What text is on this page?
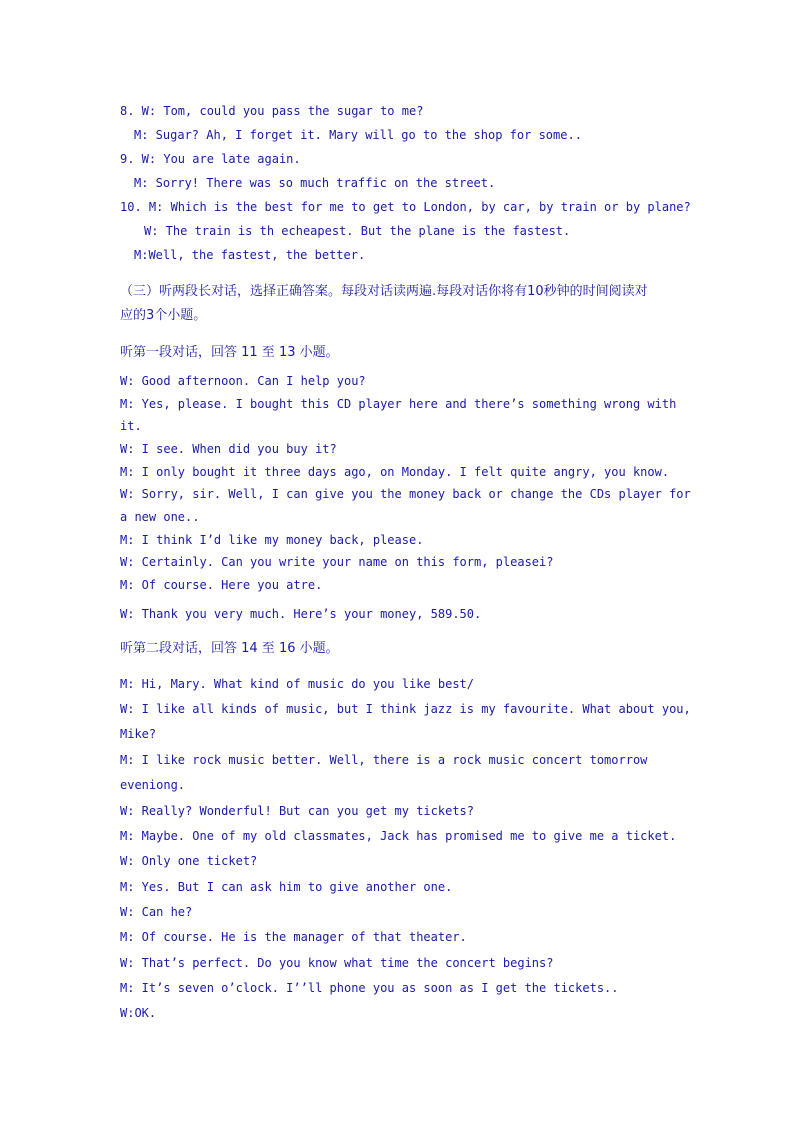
8. W: Tom, could you pass the sugar to me?
M: Sugar? Ah, I forget it. Mary will go to the shop for some..
9. W: You are late again.
M: Sorry! There was so much traffic on the street.
10. M: Which is the best for me to get to London, by car, by train or by plane?
W: The train is th echeapest. But the plane is the fastest.
M:Well, the fastest, the better.
（三）听两段长对话，选择正确答案。每段对话读两遍.每段对话你将有10秒钟的时间阅读对
应的3个小题。
听第一段对话，回答 11 至 13 小题。
W: Good afternoon. Can I help you?
M: Yes, please. I bought this CD player here and there’s something wrong with
it.
W: I see. When did you buy it?
M: I only bought it three days ago, on Monday. I felt quite angry, you know.
W: Sorry, sir. Well, I can give you the money back or change the CDs player for
a new one..
M: I think I’d like my money back, please.
W: Certainly. Can you write your name on this form, pleasei?
M: Of course. Here you atre.
W: Thank you very much. Here’s your money, 589.50.
听第二段对话，回答 14 至 16 小题。
M: Hi, Mary. What kind of music do you like best/
W: I like all kinds of music, but I think jazz is my favourite. What about you,
Mike?
M: I like rock music better. Well, there is a rock music concert tomorrow
eveniong.
W: Really? Wonderful! But can you get my tickets?
M: Maybe. One of my old classmates, Jack has promised me to give me a ticket.
W: Only one ticket?
M: Yes. But I can ask him to give another one.
W: Can he?
M: Of course. He is the manager of that theater.
W: That’s perfect. Do you know what time the concert begins?
M: It’s seven o’clock. I’’ll phone you as soon as I get the tickets..
W:OK.
